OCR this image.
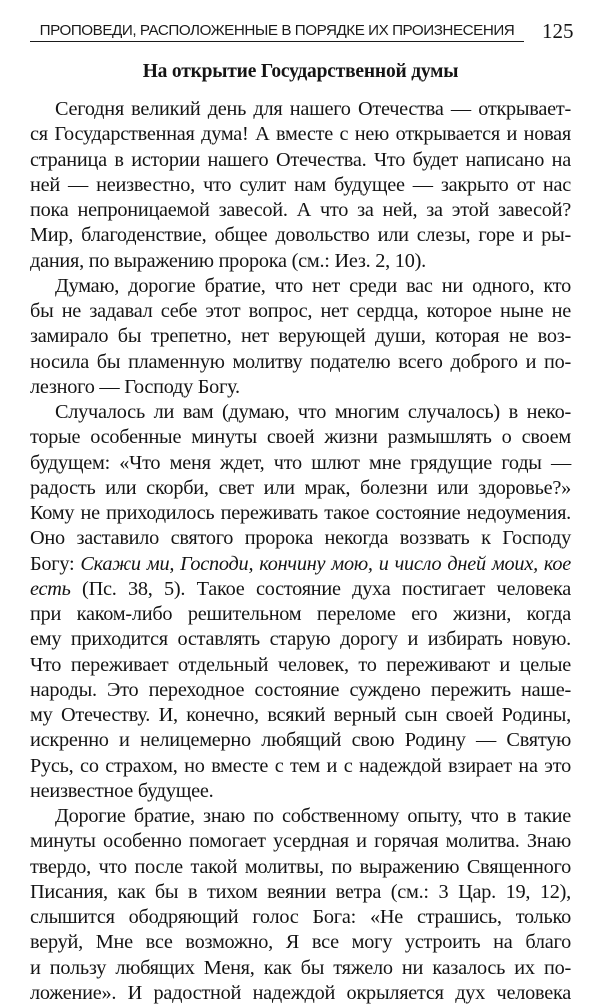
ПРОПОВЕДИ, РАСПОЛОЖЕННЫЕ В ПОРЯДКЕ ИХ ПРОИЗНЕСЕНИЯ	125
На открытие Государственной думы
Сегодня великий день для нашего Отечества — открывает-
ся Государственная дума! А вместе с нею открывается и новая
страница в истории нашего Отечества. Что будет написано на
ней — неизвестно, что сулит нам будущее — закрыто от нас
пока непроницаемой завесой. А что за ней, за этой завесой?
Мир, благоденствие, общее довольство или слезы, горе и ры-
дания, по выражению пророка (см.: Иез. 2, 10).
Думаю, дорогие братие, что нет среди вас ни одного, кто
бы не задавал себе этот вопрос, нет сердца, которое ныне не
замирало бы трепетно, нет верующей души, которая не воз-
носила бы пламенную молитву подателю всего доброго и по-
лезного — Господу Богу.
Случалось ли вам (думаю, что многим случалось) в неко-
торые особенные минуты своей жизни размышлять о своем
будущем: «Что меня ждет, что шлют мне грядущие годы —
радость или скорби, свет или мрак, болезни или здоровье?»
Кому не приходилось переживать такое состояние недоумения.
Оно заставило святого пророка некогда воззвать к Господу
Богу: Скажи ми, Господи, кончину мою, и число дней моих, кое
есть (Пс. 38, 5). Такое состояние духа постигает человека
при каком-либо решительном переломе его жизни, когда
ему приходится оставлять старую дорогу и избирать новую.
Что переживает отдельный человек, то переживают и целые
народы. Это переходное состояние суждено пережить наше-
му Отечеству. И, конечно, всякий верный сын своей Родины,
искренно и нелицемерно любящий свою Родину — Святую
Русь, со страхом, но вместе с тем и с надеждой взирает на это
неизвестное будущее.
Дорогие братие, знаю по собственному опыту, что в такие
минуты особенно помогает усердная и горячая молитва. Знаю
твердо, что после такой молитвы, по выражению Священного
Писания, как бы в тихом веянии ветра (см.: 3 Цар. 19, 12),
слышится ободряющий голос Бога: «Не страшись, только
веруй, Мне все возможно, Я все могу устроить на благо
и пользу любящих Меня, как бы тяжело ни казалось их по-
ложение». И радостной надеждой окрыляется дух человека
